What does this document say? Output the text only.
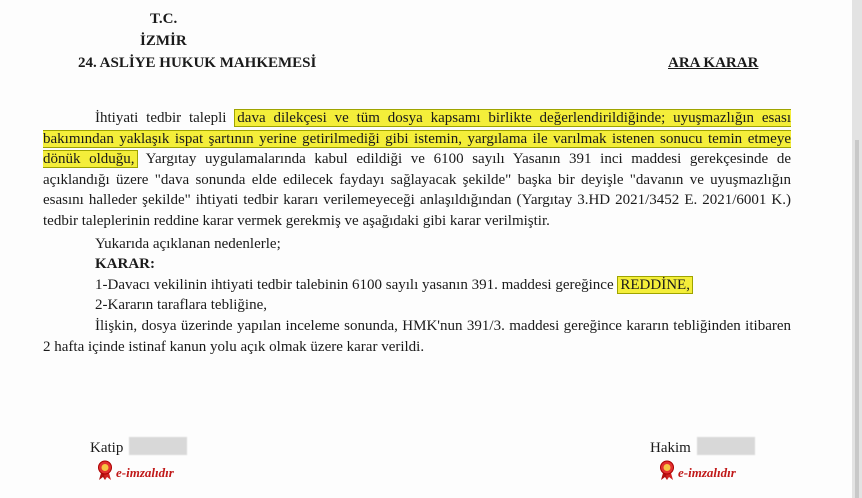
T.C.
İZMİR
24. ASLİYE HUKUK MAHKEMESİ	ARA KARAR

İhtiyati tedbir talepli dava dilekçesi ve tüm dosya kapsamı birlikte değerlendirildiğinde; uyuşmazlığın esası bakımından yaklaşık ispat şartının yerine getirilmediği gibi istemin, yargılama ile varılmak istenen sonucu temin etmeye dönük olduğu, Yargıtay uygulamalarında kabul edildiği ve 6100 sayılı Yasanın 391 inci maddesi gerekçesinde de açıklandığı üzere "dava sonunda elde edilecek faydayı sağlayacak şekilde" başka bir deyişle "davanın ve uyuşmazlığın esasını halleder şekilde" ihtiyati tedbir kararı verilemeyeceği anlaşıldığından (Yargıtay 3.HD 2021/3452 E. 2021/6001 K.) tedbir taleplerinin reddine karar vermek gerekmiş ve aşağıdaki gibi karar verilmiştir.

Yukarıda açıklanan nedenlerle;

KARAR:

1-Davacı vekilinin ihtiyati tedbir talebinin 6100 sayılı yasanın 391. maddesi gereğince REDDİNE,

2-Kararın taraflara tebliğine,

İlişkin, dosya üzerinde yapılan inceleme sonunda, HMK'nun 391/3. maddesi gereğince kararın tebliğinden itibaren 2 hafta içinde istinaf kanun yolu açık olmak üzere karar verildi.

Katip	Hakim
e-imzalıdır	e-imzalıdır
